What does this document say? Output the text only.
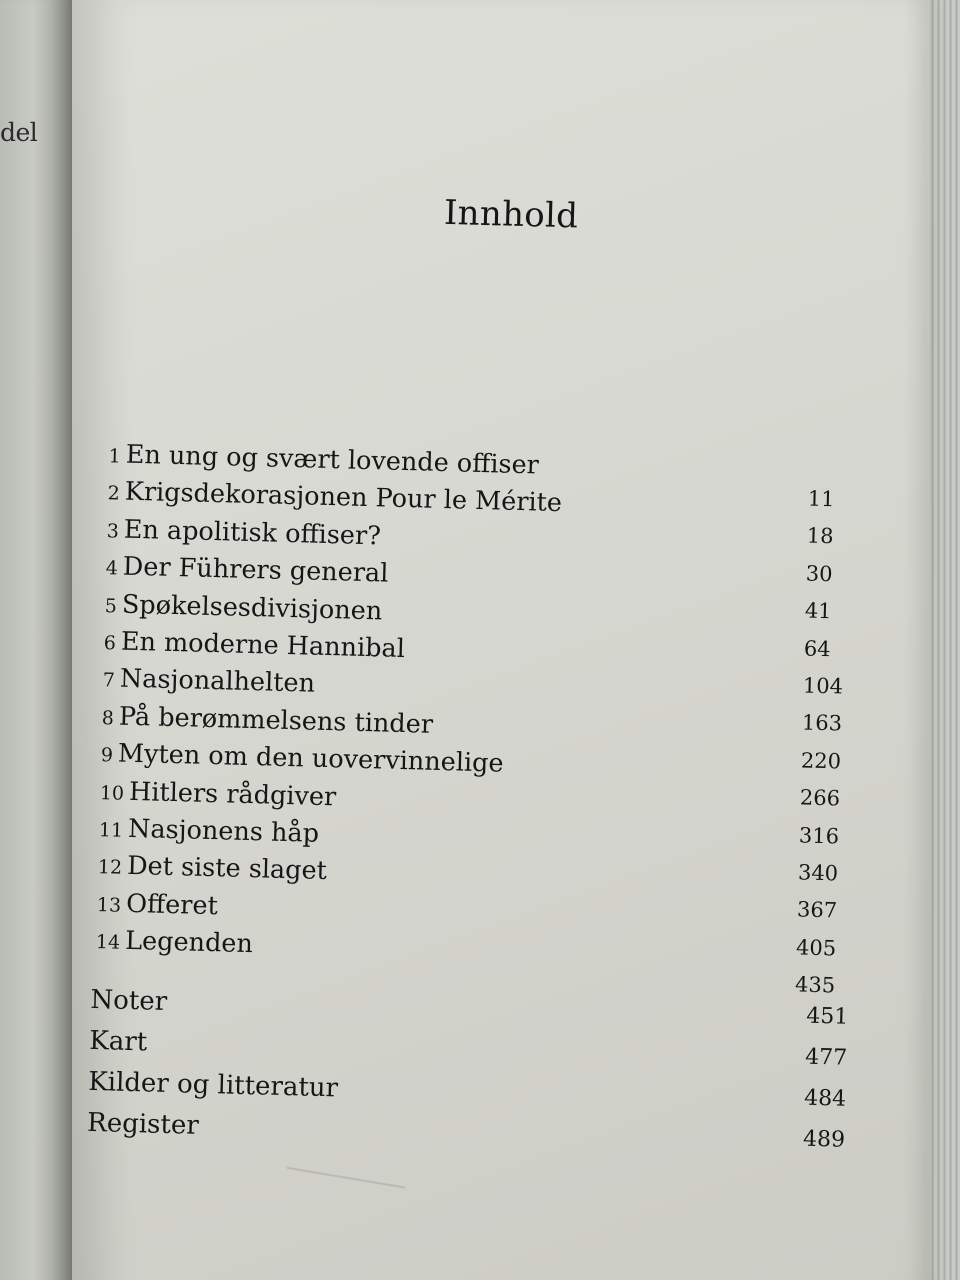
del
Innhold
1 En ung og svært lovende offiser
11
2 Krigsdekorasjonen Pour le Mérite
18
3 En apolitisk offiser?
30
4 Der Führers general
41
5 Spøkelsesdivisjonen
64
6 En moderne Hannibal
104
7 Nasjonalhelten
163
8 På berømmelsens tinder
220
9 Myten om den uovervinnelige
266
10 Hitlers rådgiver
316
11 Nasjonens håp
340
12 Det siste slaget
367
13 Offeret
405
14 Legenden
435
Noter	451
Kart
477
Kilder og litteratur	484
Register	489
